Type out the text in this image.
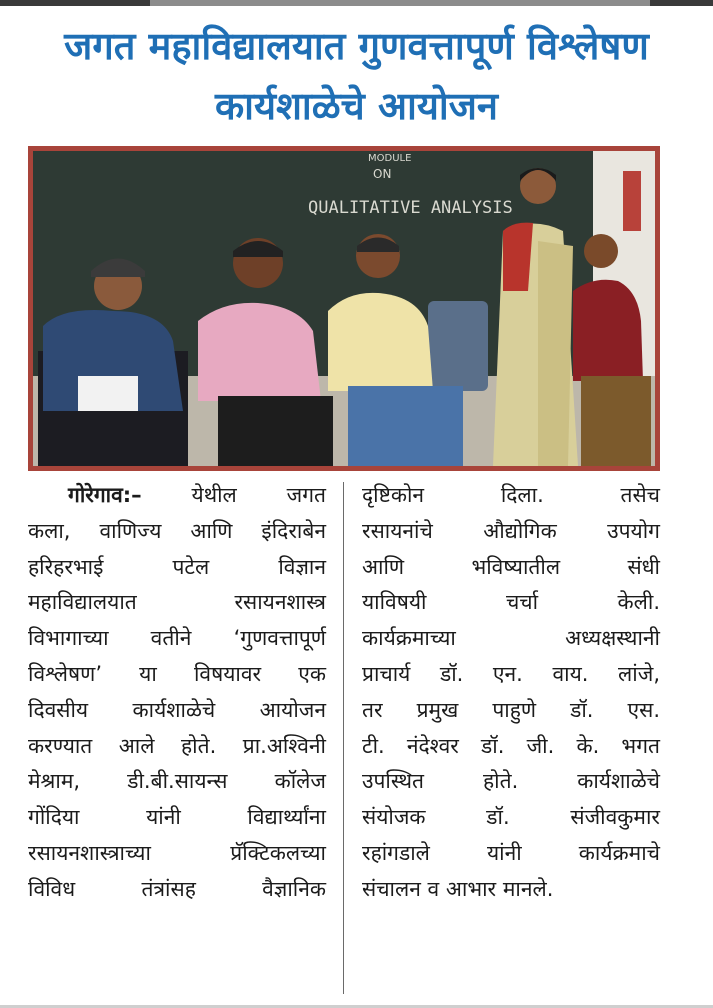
जगत महाविद्यालयात गुणवत्तापूर्ण विश्लेषण
कार्यशाळेचे आयोजन
MODULE
ON
QUALITATIVE ANALYSIS
गोरेगाव:– येथील जगत
कला, वाणिज्य आणि इंदिराबेन
हरिहरभाई पटेल विज्ञान
महाविद्यालयात रसायनशास्त्र
विभागाच्या वतीने ‘गुणवत्तापूर्ण
विश्लेषण’ या विषयावर एक
दिवसीय कार्यशाळेचे आयोजन
करण्यात आले होते. प्रा.अश्विनी
मेश्राम, डी.बी.सायन्स कॉलेज
गोंदिया यांनी विद्यार्थ्यांना
रसायनशास्त्राच्या प्रॅक्टिकलच्या
विविध तंत्रांसह वैज्ञानिक
दृष्टिकोन दिला. तसेच
रसायनांचे औद्योगिक उपयोग
आणि भविष्यातील संधी
याविषयी चर्चा केली.
कार्यक्रमाच्या अध्यक्षस्थानी
प्राचार्य डॉ. एन. वाय. लांजे,
तर प्रमुख पाहुणे डॉ. एस.
टी. नंदेश्वर डॉ. जी. के. भगत
उपस्थित होते. कार्यशाळेचे
संयोजक डॉ. संजीवकुमार
रहांगडाले यांनी कार्यक्रमाचे
संचालन व आभार मानले.
